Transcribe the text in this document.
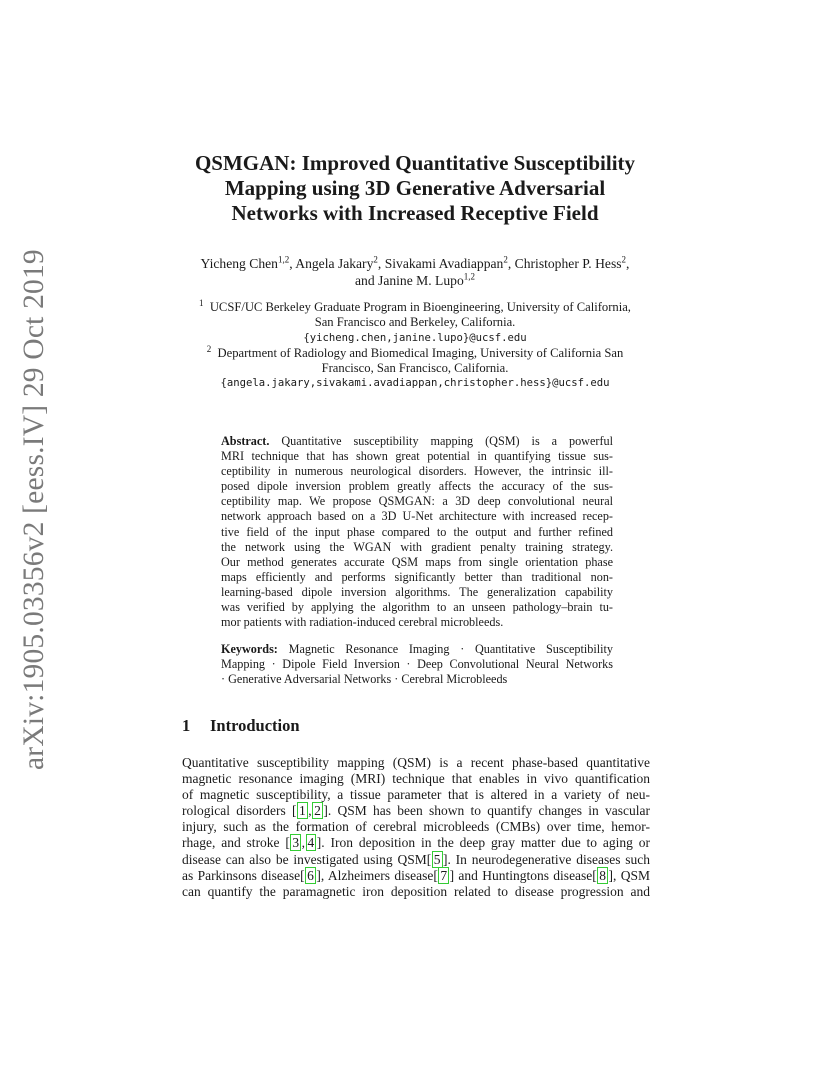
arXiv:1905.03356v2 [eess.IV] 29 Oct 2019
QSMGAN: Improved Quantitative Susceptibility
Mapping using 3D Generative Adversarial
Networks with Increased Receptive Field
Yicheng Chen$^{1,2}$, Angela Jakary$^2$, Sivakami Avadiappan$^2$, Christopher P. Hess$^2$, and Janine M. Lupo$^{1,2}$
$^1$ UCSF/UC Berkeley Graduate Program in Bioengineering, University of California,
San Francisco and Berkeley, California.
{yicheng.chen,janine.lupo}@ucsf.edu
$^2$ Department of Radiology and Biomedical Imaging, University of California San
Francisco, San Francisco, California.
{angela.jakary,sivakami.avadiappan,christopher.hess}@ucsf.edu
Abstract. Quantitative susceptibility mapping (QSM) is a powerful
MRI technique that has shown great potential in quantifying tissue sus-
ceptibility in numerous neurological disorders. However, the intrinsic ill-
posed dipole inversion problem greatly affects the accuracy of the sus-
ceptibility map. We propose QSMGAN: a 3D deep convolutional neural
network approach based on a 3D U-Net architecture with increased recep-
tive field of the input phase compared to the output and further refined
the network using the WGAN with gradient penalty training strategy.
Our method generates accurate QSM maps from single orientation phase
maps efficiently and performs significantly better than traditional non-
learning-based dipole inversion algorithms. The generalization capability
was verified by applying the algorithm to an unseen pathology–brain tu-
mor patients with radiation-induced cerebral microbleeds.
Keywords: Magnetic Resonance Imaging · Quantitative Susceptibility
Mapping · Dipole Field Inversion · Deep Convolutional Neural Networks
· Generative Adversarial Networks · Cerebral Microbleeds
1 Introduction
Quantitative susceptibility mapping (QSM) is a recent phase-based quantitative
magnetic resonance imaging (MRI) technique that enables in vivo quantification
of magnetic susceptibility, a tissue parameter that is altered in a variety of neu-
rological disorders [ 1 , 2 ]. QSM has been shown to quantify changes in vascular
injury, such as the formation of cerebral microbleeds (CMBs) over time, hemor-
rhage, and stroke [ 3 , 4 ]. Iron deposition in the deep gray matter due to aging or
disease can also be investigated using QSM[ 5 ]. In neurodegenerative diseases such
as Parkinsons disease[ 6 ], Alzheimers disease[ 7 ] and Huntingtons disease[ 8 ], QSM
can quantify the paramagnetic iron deposition related to disease progression and
